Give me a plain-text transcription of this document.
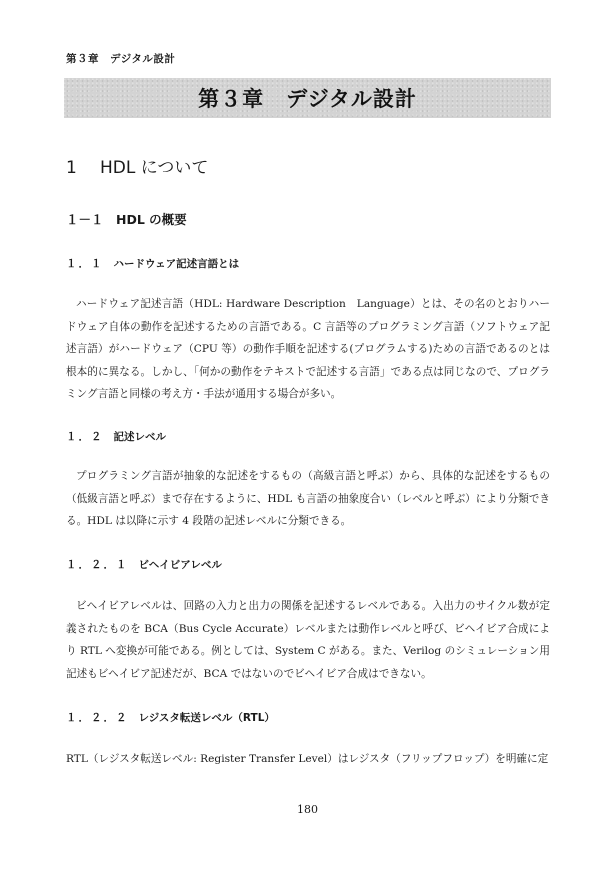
第３章　デジタル設計
第３章　デジタル設計
1 HDL について
１－１ HDL の概要
１．１ ハードウェア記述言語とは
ハードウェア記述言語（HDL: Hardware Description　Language）とは、その名のとおりハードウェア自体の動作を記述するための言語である。C 言語等のプログラミング言語（ソフトウェア記述言語）がハードウェア（CPU 等）の動作手順を記述する(プログラムする)ための言語であるのとは根本的に異なる。しかし、「何かの動作をテキストで記述する言語」である点は同じなので、プログラミング言語と同様の考え方・手法が通用する場合が多い。
１．２ 記述レベル
プログラミング言語が抽象的な記述をするもの（高級言語と呼ぶ）から、具体的な記述をするもの（低級言語と呼ぶ）まで存在するように、HDL も言語の抽象度合い（レベルと呼ぶ）により分類できる。HDL は以降に示す 4 段階の記述レベルに分類できる。
１．２．１ ビヘイビアレベル
ビヘイビアレベルは、回路の入力と出力の関係を記述するレベルである。入出力のサイクル数が定義されたものを BCA（Bus Cycle Accurate）レベルまたは動作レベルと呼び、ビヘイビア合成により RTL へ変換が可能である。例としては、System C がある。また、Verilog のシミュレーション用記述もビヘイビア記述だが、BCA ではないのでビヘイビア合成はできない。
１．２．２ レジスタ転送レベル（RTL）
RTL（レジスタ転送レベル: Register Transfer Level）はレジスタ（フリップフロップ）を明確に定
180
